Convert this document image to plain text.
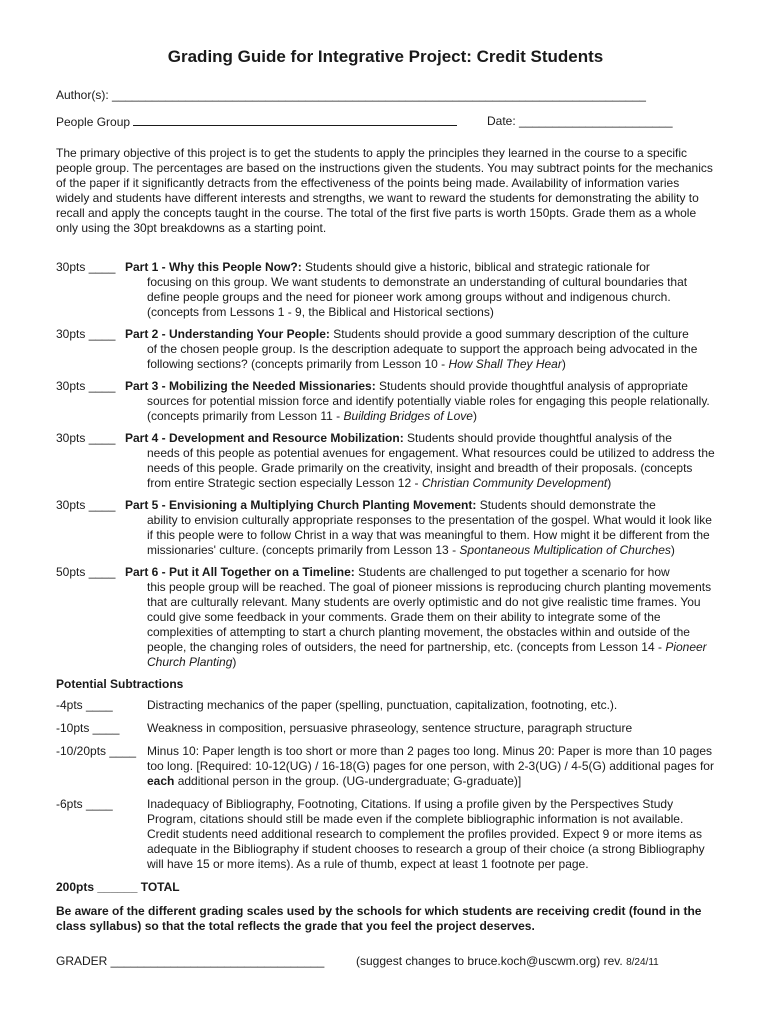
Grading Guide for Integrative Project: Credit Students
Author(s): ________________________________________________________________________________
People Group	Date: _______________________
The primary objective of this project is to get the students to apply the principles they learned in the course to a specific people group. The percentages are based on the instructions given the students. You may subtract points for the mechanics of the paper if it significantly detracts from the effectiveness of the points being made. Availability of information varies widely and students have different interests and strengths, we want to reward the students for demonstrating the ability to recall and apply the concepts taught in the course. The total of the first five parts is worth 150pts. Grade them as a whole only using the 30pt breakdowns as a starting point.
30pts ____ Part 1 - Why this People Now?: Students should give a historic, biblical and strategic rationale for
focusing on this group. We want students to demonstrate an understanding of cultural boundaries that define people groups and the need for pioneer work among groups without and indigenous church. (concepts from Lessons 1 - 9, the Biblical and Historical sections)
30pts ____ Part 2 - Understanding Your People: Students should provide a good summary description of the culture
of the chosen people group. Is the description adequate to support the approach being advocated in the following sections? (concepts primarily from Lesson 10 - How Shall They Hear)
30pts ____ Part 3 - Mobilizing the Needed Missionaries: Students should provide thoughtful analysis of appropriate
sources for potential mission force and identify potentially viable roles for engaging this people relationally. (concepts primarily from Lesson 11 - Building Bridges of Love)
30pts ____ Part 4 - Development and Resource Mobilization: Students should provide thoughtful analysis of the
needs of this people as potential avenues for engagement. What resources could be utilized to address the needs of this people. Grade primarily on the creativity, insight and breadth of their proposals. (concepts from entire Strategic section especially Lesson 12 - Christian Community Development)
30pts ____ Part 5 - Envisioning a Multiplying Church Planting Movement: Students should demonstrate the
ability to envision culturally appropriate responses to the presentation of the gospel. What would it look like if this people were to follow Christ in a way that was meaningful to them. How might it be different from the missionaries' culture. (concepts primarily from Lesson 13 - Spontaneous Multiplication of Churches)
50pts ____ Part 6 - Put it All Together on a Timeline: Students are challenged to put together a scenario for how
this people group will be reached. The goal of pioneer missions is reproducing church planting movements that are culturally relevant. Many students are overly optimistic and do not give realistic time frames. You could give some feedback in your comments. Grade them on their ability to integrate some of the complexities of attempting to start a church planting movement, the obstacles within and outside of the people, the changing roles of outsiders, the need for partnership, etc. (concepts from Lesson 14 - Pioneer Church Planting)
Potential Subtractions
-4pts ____	Distracting mechanics of the paper (spelling, punctuation, capitalization, footnoting, etc.).
-10pts ____	Weakness in composition, persuasive phraseology, sentence structure, paragraph structure
-10/20pts ____ Minus 10: Paper length is too short or more than 2 pages too long. Minus 20: Paper is more than 10 pages too long. [Required: 10-12(UG) / 16-18(G) pages for one person, with 2-3(UG) / 4-5(G) additional pages for each additional person in the group. (UG-undergraduate; G-graduate)]
-6pts ____	Inadequacy of Bibliography, Footnoting, Citations. If using a profile given by the Perspectives Study Program, citations should still be made even if the complete bibliographic information is not available. Credit students need additional research to complement the profiles provided. Expect 9 or more items as adequate in the Bibliography if student chooses to research a group of their choice (a strong Bibliography will have 15 or more items). As a rule of thumb, expect at least 1 footnote per page.
200pts ______ TOTAL
Be aware of the different grading scales used by the schools for which students are receiving credit (found in the class syllabus) so that the total reflects the grade that you feel the project deserves.
GRADER ________________________________	(suggest changes to bruce.koch@uscwm.org) rev. 8/24/11
